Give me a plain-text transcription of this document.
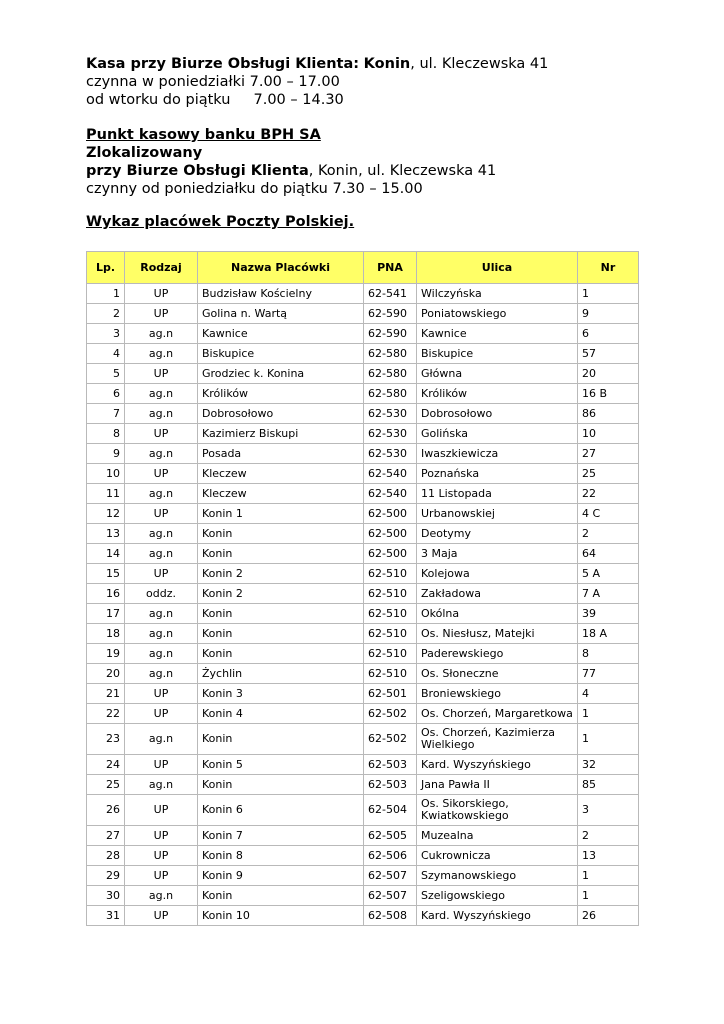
Kasa przy Biurze Obsługi Klienta: Konin, ul. Kleczewska 41

czynna w poniedziałki 7.00 – 17.00

od wtorku do piątku 7.00 – 14.30

Punkt kasowy banku BPH SA

Zlokalizowany

przy Biurze Obsługi Klienta, Konin, ul. Kleczewska 41

czynny od poniedziałku do piątku 7.30 – 15.00

Wykaz placówek Poczty Polskiej.

Lp.	Rodzaj	Nazwa Placówki	PNA	Ulica	Nr
1	UP	Budzisław Kościelny	62-541	Wilczyńska	1
2	UP	Golina n. Wartą	62-590	Poniatowskiego	9
3	ag.n	Kawnice	62-590	Kawnice	6
4	ag.n	Biskupice	62-580	Biskupice	57
5	UP	Grodziec k. Konina	62-580	Główna	20
6	ag.n	Królików	62-580	Królików	16 B
7	ag.n	Dobrosołowo	62-530	Dobrosołowo	86
8	UP	Kazimierz Biskupi	62-530	Golińska	10
9	ag.n	Posada	62-530	Iwaszkiewicza	27
10	UP	Kleczew	62-540	Poznańska	25
11	ag.n	Kleczew	62-540	11 Listopada	22
12	UP	Konin 1	62-500	Urbanowskiej	4 C
13	ag.n	Konin	62-500	Deotymy	2
14	ag.n	Konin	62-500	3 Maja	64
15	UP	Konin 2	62-510	Kolejowa	5 A
16	oddz.	Konin 2	62-510	Zakładowa	7 A
17	ag.n	Konin	62-510	Okólna	39
18	ag.n	Konin	62-510	Os. Niesłusz, Matejki	18 A
19	ag.n	Konin	62-510	Paderewskiego	8
20	ag.n	Żychlin	62-510	Os. Słoneczne	77
21	UP	Konin 3	62-501	Broniewskiego	4
22	UP	Konin 4	62-502	Os. Chorzeń, Margaretkowa	1
23	ag.n	Konin	62-502	Os. Chorzeń, Kazimierza Wielkiego	1
24	UP	Konin 5	62-503	Kard. Wyszyńskiego	32
25	ag.n	Konin	62-503	Jana Pawła II	85
26	UP	Konin 6	62-504	Os. Sikorskiego, Kwiatkowskiego	3
27	UP	Konin 7	62-505	Muzealna	2
28	UP	Konin 8	62-506	Cukrownicza	13
29	UP	Konin 9	62-507	Szymanowskiego	1
30	ag.n	Konin	62-507	Szeligowskiego	1
31	UP	Konin 10	62-508	Kard. Wyszyńskiego	26
